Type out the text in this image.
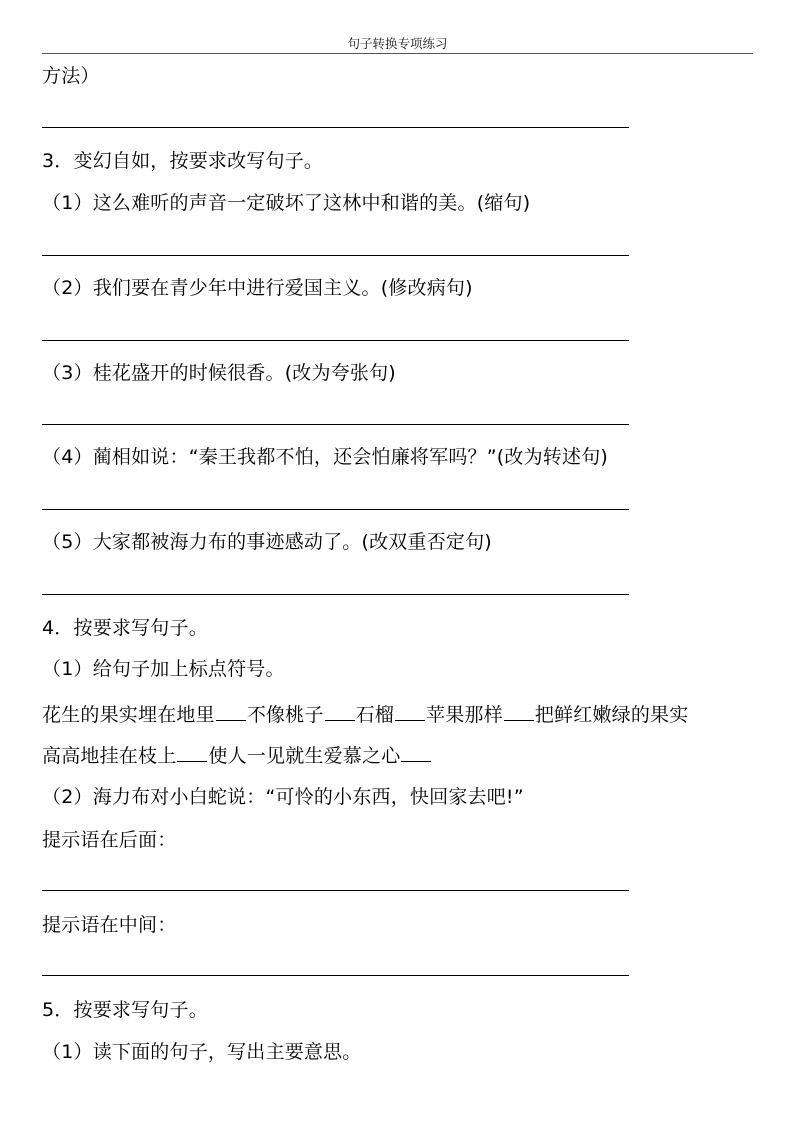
句子转换专项练习
方法）
3．变幻自如，按要求改写句子。
（1）这么难听的声音一定破坏了这林中和谐的美。(缩句)
（2）我们要在青少年中进行爱国主义。(修改病句)
（3）桂花盛开的时候很香。(改为夸张句)
（4）蔺相如说：“秦王我都不怕，还会怕廉将军吗？”(改为转述句)
（5）大家都被海力布的事迹感动了。(改双重否定句)
4．按要求写句子。
（1）给句子加上标点符号。
花生的果实埋在地里 不像桃子 石榴 苹果那样 把鲜红嫩绿的果实
高高地挂在枝上 使人一见就生爱慕之心
（2）海力布对小白蛇说：“可怜的小东西，快回家去吧!”
提示语在后面：
提示语在中间：
5．按要求写句子。
（1）读下面的句子，写出主要意思。
